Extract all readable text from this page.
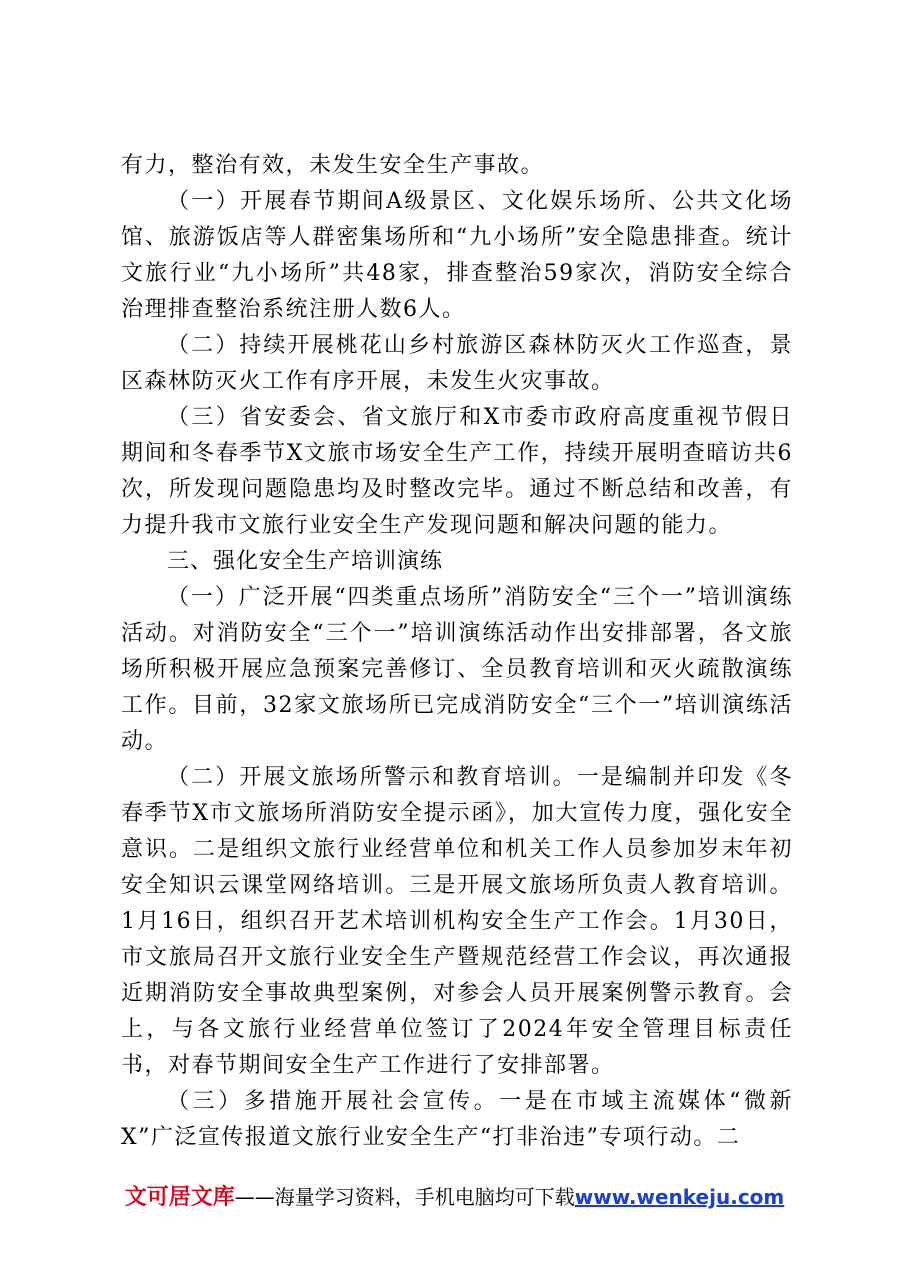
有力，整治有效，未发生安全生产事故。

（一）开展春节期间A级景区、文化娱乐场所、公共文化场馆、旅游饭店等人群密集场所和“九小场所”安全隐患排查。统计文旅行业“九小场所”共48家，排查整治59家次，消防安全综合治理排查整治系统注册人数6人。

（二）持续开展桃花山乡村旅游区森林防灭火工作巡查，景区森林防灭火工作有序开展，未发生火灾事故。

（三）省安委会、省文旅厅和X市委市政府高度重视节假日期间和冬春季节X文旅市场安全生产工作，持续开展明查暗访共6次，所发现问题隐患均及时整改完毕。通过不断总结和改善，有力提升我市文旅行业安全生产发现问题和解决问题的能力。

三、强化安全生产培训演练

（一）广泛开展“四类重点场所”消防安全“三个一”培训演练活动。对消防安全“三个一”培训演练活动作出安排部署，各文旅场所积极开展应急预案完善修订、全员教育培训和灭火疏散演练工作。目前，32家文旅场所已完成消防安全“三个一”培训演练活动。

（二）开展文旅场所警示和教育培训。一是编制并印发《冬春季节X市文旅场所消防安全提示函》，加大宣传力度，强化安全意识。二是组织文旅行业经营单位和机关工作人员参加岁末年初安全知识云课堂网络培训。三是开展文旅场所负责人教育培训。1月16日，组织召开艺术培训机构安全生产工作会。1月30日，市文旅局召开文旅行业安全生产暨规范经营工作会议，再次通报近期消防安全事故典型案例，对参会人员开展案例警示教育。会上，与各文旅行业经营单位签订了2024年安全管理目标责任书，对春节期间安全生产工作进行了安排部署。

（三）多措施开展社会宣传。一是在市域主流媒体“微新X”广泛宣传报道文旅行业安全生产“打非治违”专项行动。二

文可居文库——海量学习资料，手机电脑均可下载www.wenkeju.com
